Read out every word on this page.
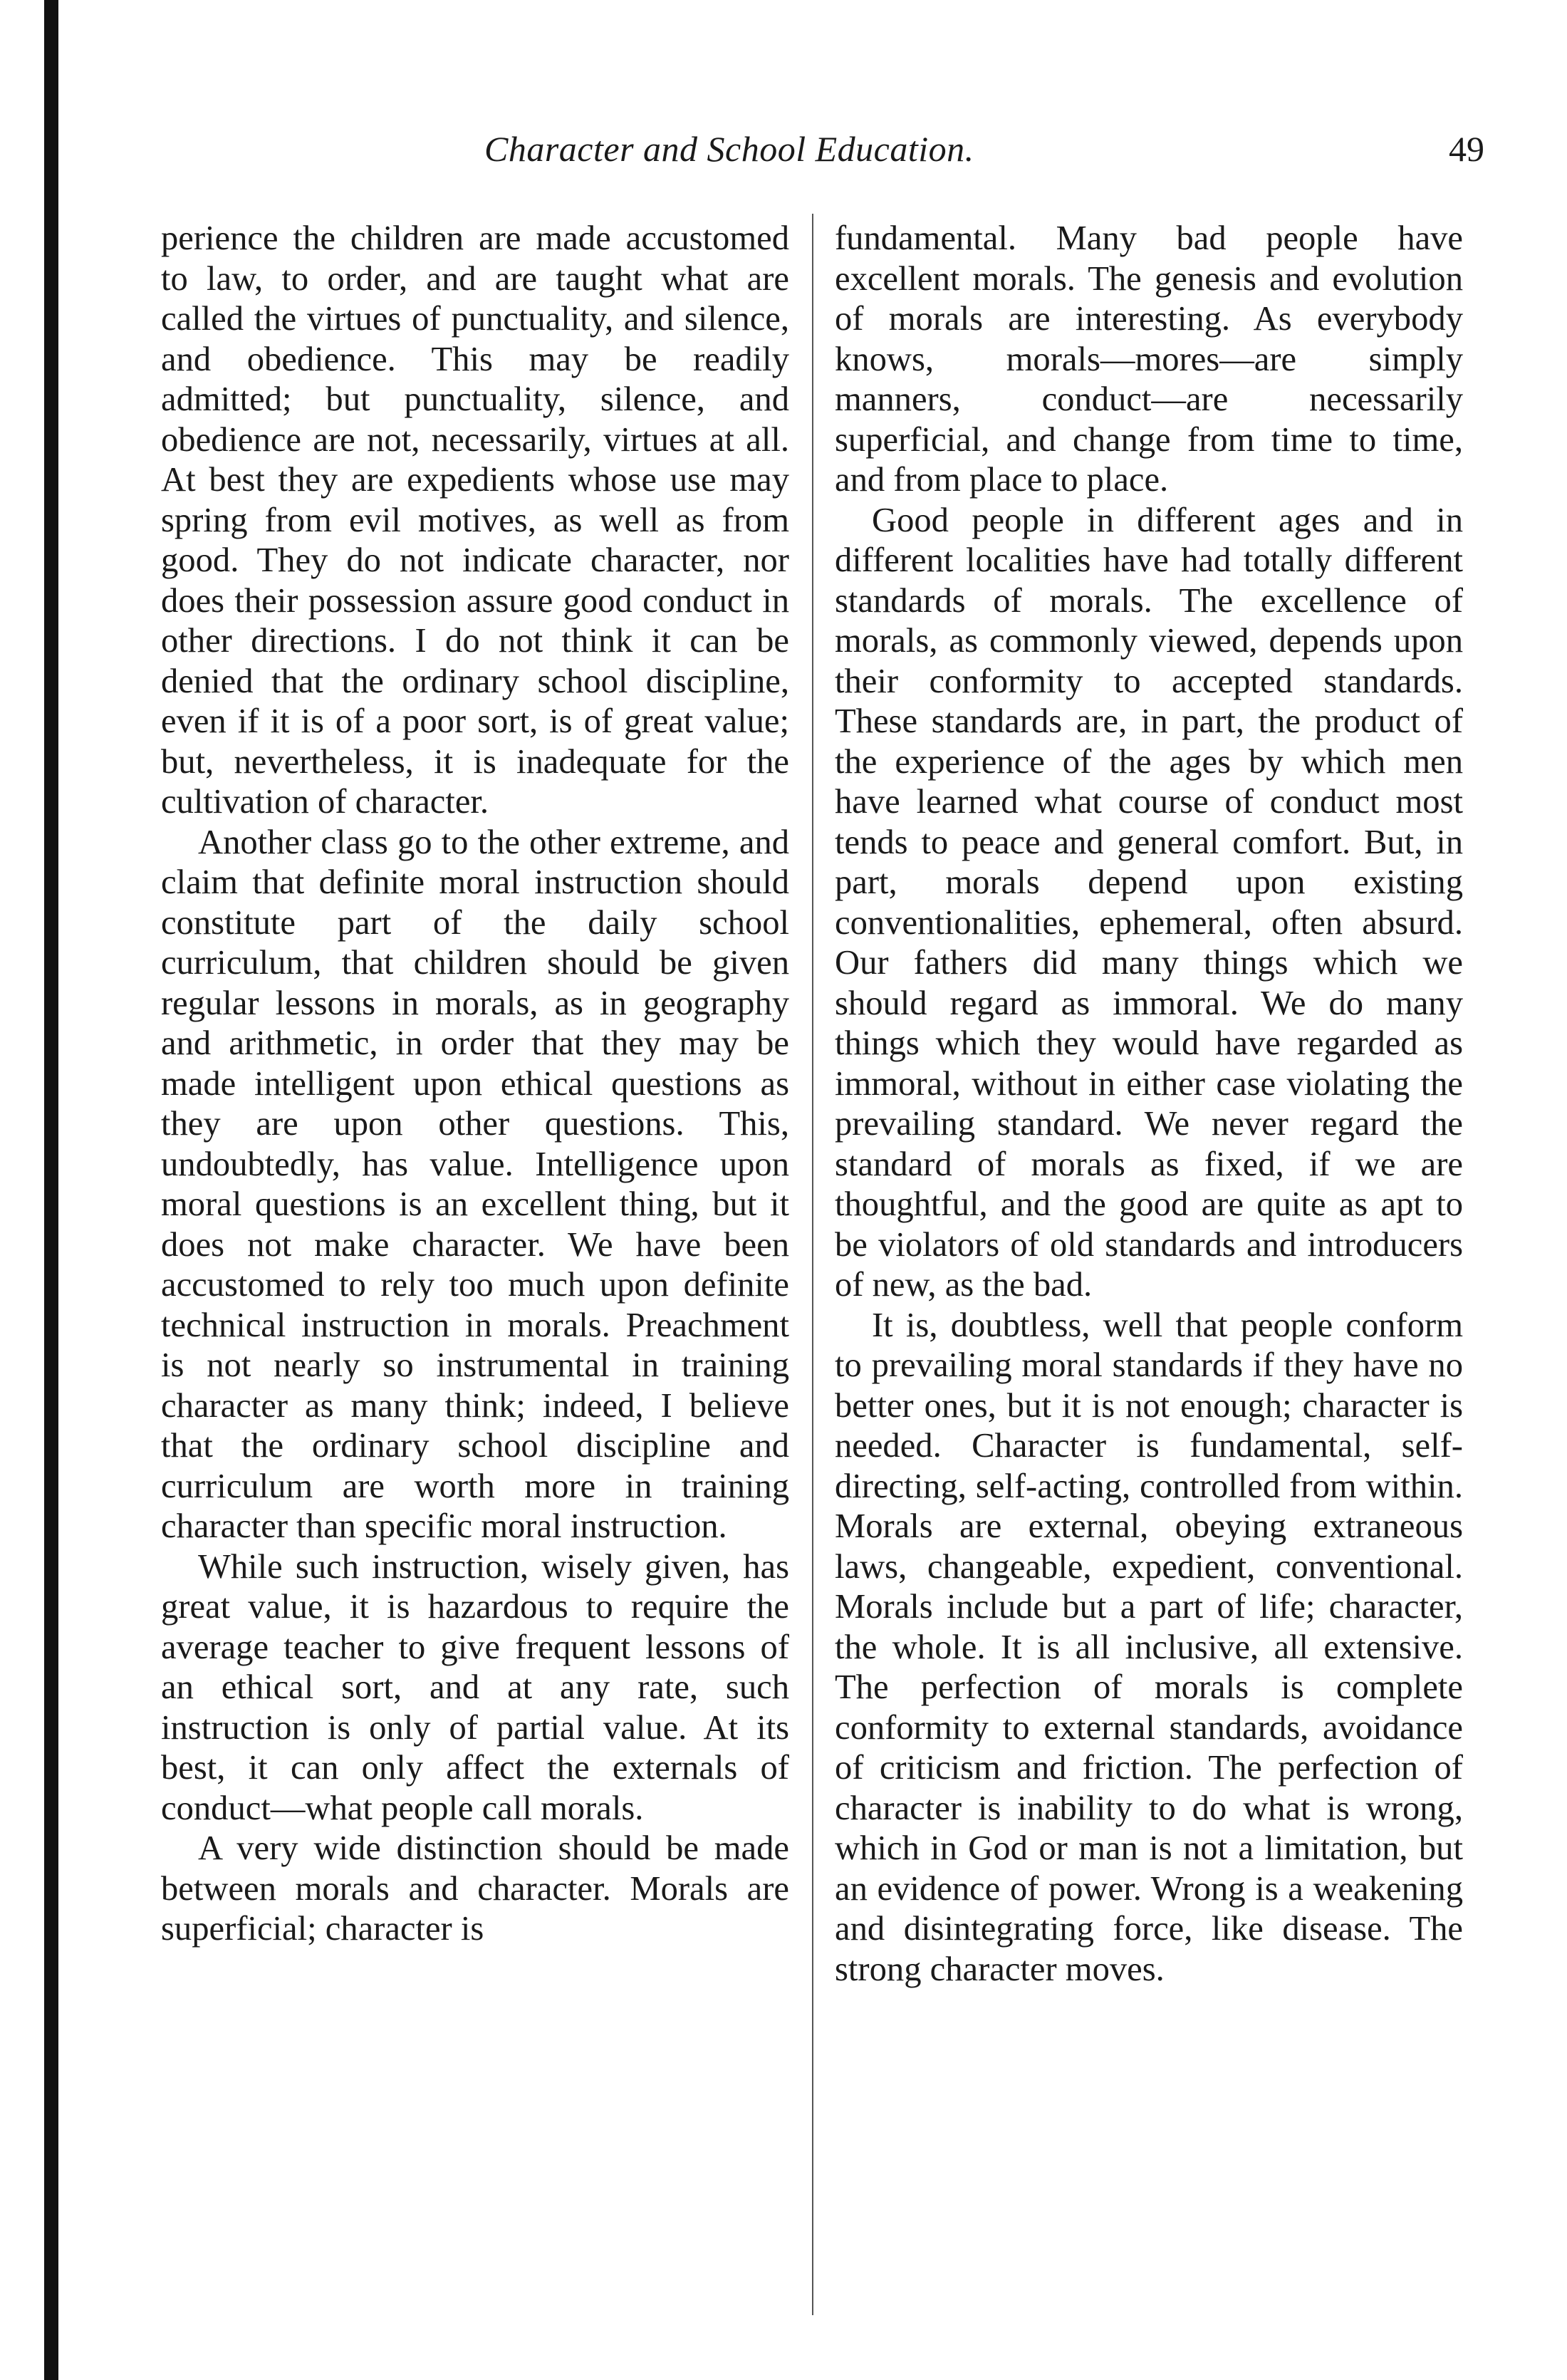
Character and School Education.	49

perience the children are made accustomed to law, to order, and are taught what are called the virtues of punctuality, and silence, and obedience. This may be readily admitted; but punctuality, silence, and obedience are not, necessarily, virtues at all. At best they are expedients whose use may spring from evil motives, as well as from good. They do not indicate character, nor does their possession assure good conduct in other directions. I do not think it can be denied that the ordinary school discipline, even if it is of a poor sort, is of great value; but, nevertheless, it is inadequate for the cultivation of character.

Another class go to the other extreme, and claim that definite moral instruction should constitute part of the daily school curriculum, that children should be given regular lessons in morals, as in geography and arithmetic, in order that they may be made intelligent upon ethical questions as they are upon other questions. This, undoubtedly, has value. Intelligence upon moral questions is an excellent thing, but it does not make character. We have been accustomed to rely too much upon definite technical instruction in morals. Preachment is not nearly so instrumental in training character as many think; indeed, I believe that the ordinary school discipline and curriculum are worth more in training character than specific moral instruction.

While such instruction, wisely given, has great value, it is hazardous to require the average teacher to give frequent lessons of an ethical sort, and at any rate, such instruction is only of partial value. At its best, it can only affect the externals of conduct—what people call morals.

A very wide distinction should be made between morals and character. Morals are superficial; character is

fundamental. Many bad people have excellent morals. The genesis and evolution of morals are interesting. As everybody knows, morals—mores—are simply manners, conduct—are necessarily superficial, and change from time to time, and from place to place.

Good people in different ages and in different localities have had totally different standards of morals. The excellence of morals, as commonly viewed, depends upon their conformity to accepted standards. These standards are, in part, the product of the experience of the ages by which men have learned what course of conduct most tends to peace and general comfort. But, in part, morals depend upon existing conventionalities, ephemeral, often absurd. Our fathers did many things which we should regard as immoral. We do many things which they would have regarded as immoral, without in either case violating the prevailing standard. We never regard the standard of morals as fixed, if we are thoughtful, and the good are quite as apt to be violators of old standards and introducers of new, as the bad.

It is, doubtless, well that people conform to prevailing moral standards if they have no better ones, but it is not enough; character is needed. Character is fundamental, self-directing, self-acting, controlled from within. Morals are external, obeying extraneous laws, changeable, expedient, conventional. Morals include but a part of life; character, the whole. It is all inclusive, all extensive. The perfection of morals is complete conformity to external standards, avoidance of criticism and friction. The perfection of character is inability to do what is wrong, which in God or man is not a limitation, but an evidence of power. Wrong is a weakening and disintegrating force, like disease. The strong character moves.
